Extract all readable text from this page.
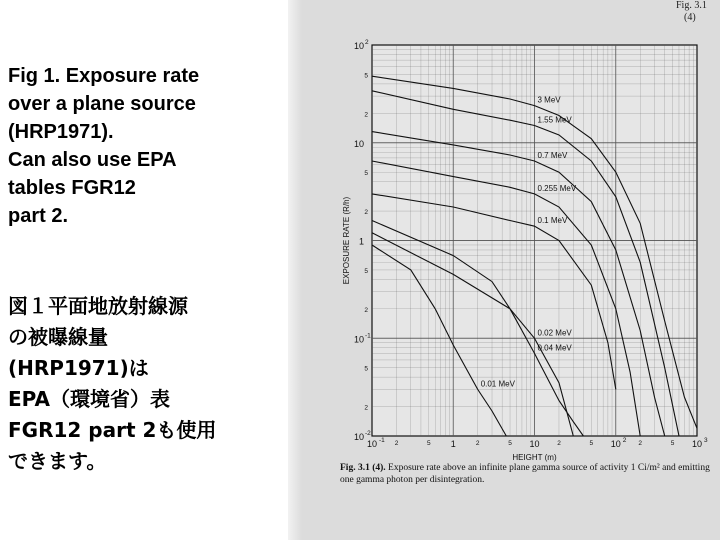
Fig 1. Exposure rate
over a plane source
(HRP1971).
Can also use EPA
tables FGR12
part 2.
図１平面地放射線源
の被曝線量
(HRP1971)は
EPA（環境省）表
FGR12 part 2も使用
できます。
Fig. 3.1
(4)
3 MeV
1.55 MeV
0.7 MeV
0.255 MeV
0.1 MeV
0.04 MeV
0.01 MeV
0.02 MeV
10 -1	1	10	10 2	10 3
2	5	2	5	2	5	2	5
10 -2
10 -1
1
10
10 2
2
5
2
5
2
5
2
5
HEIGHT (m)
EXPOSURE RATE (R/h)
Fig. 3.1 (4). Exposure rate above an infinite plane gamma source of activity 1 Ci/m² and emitting one gamma photon per disintegration.
